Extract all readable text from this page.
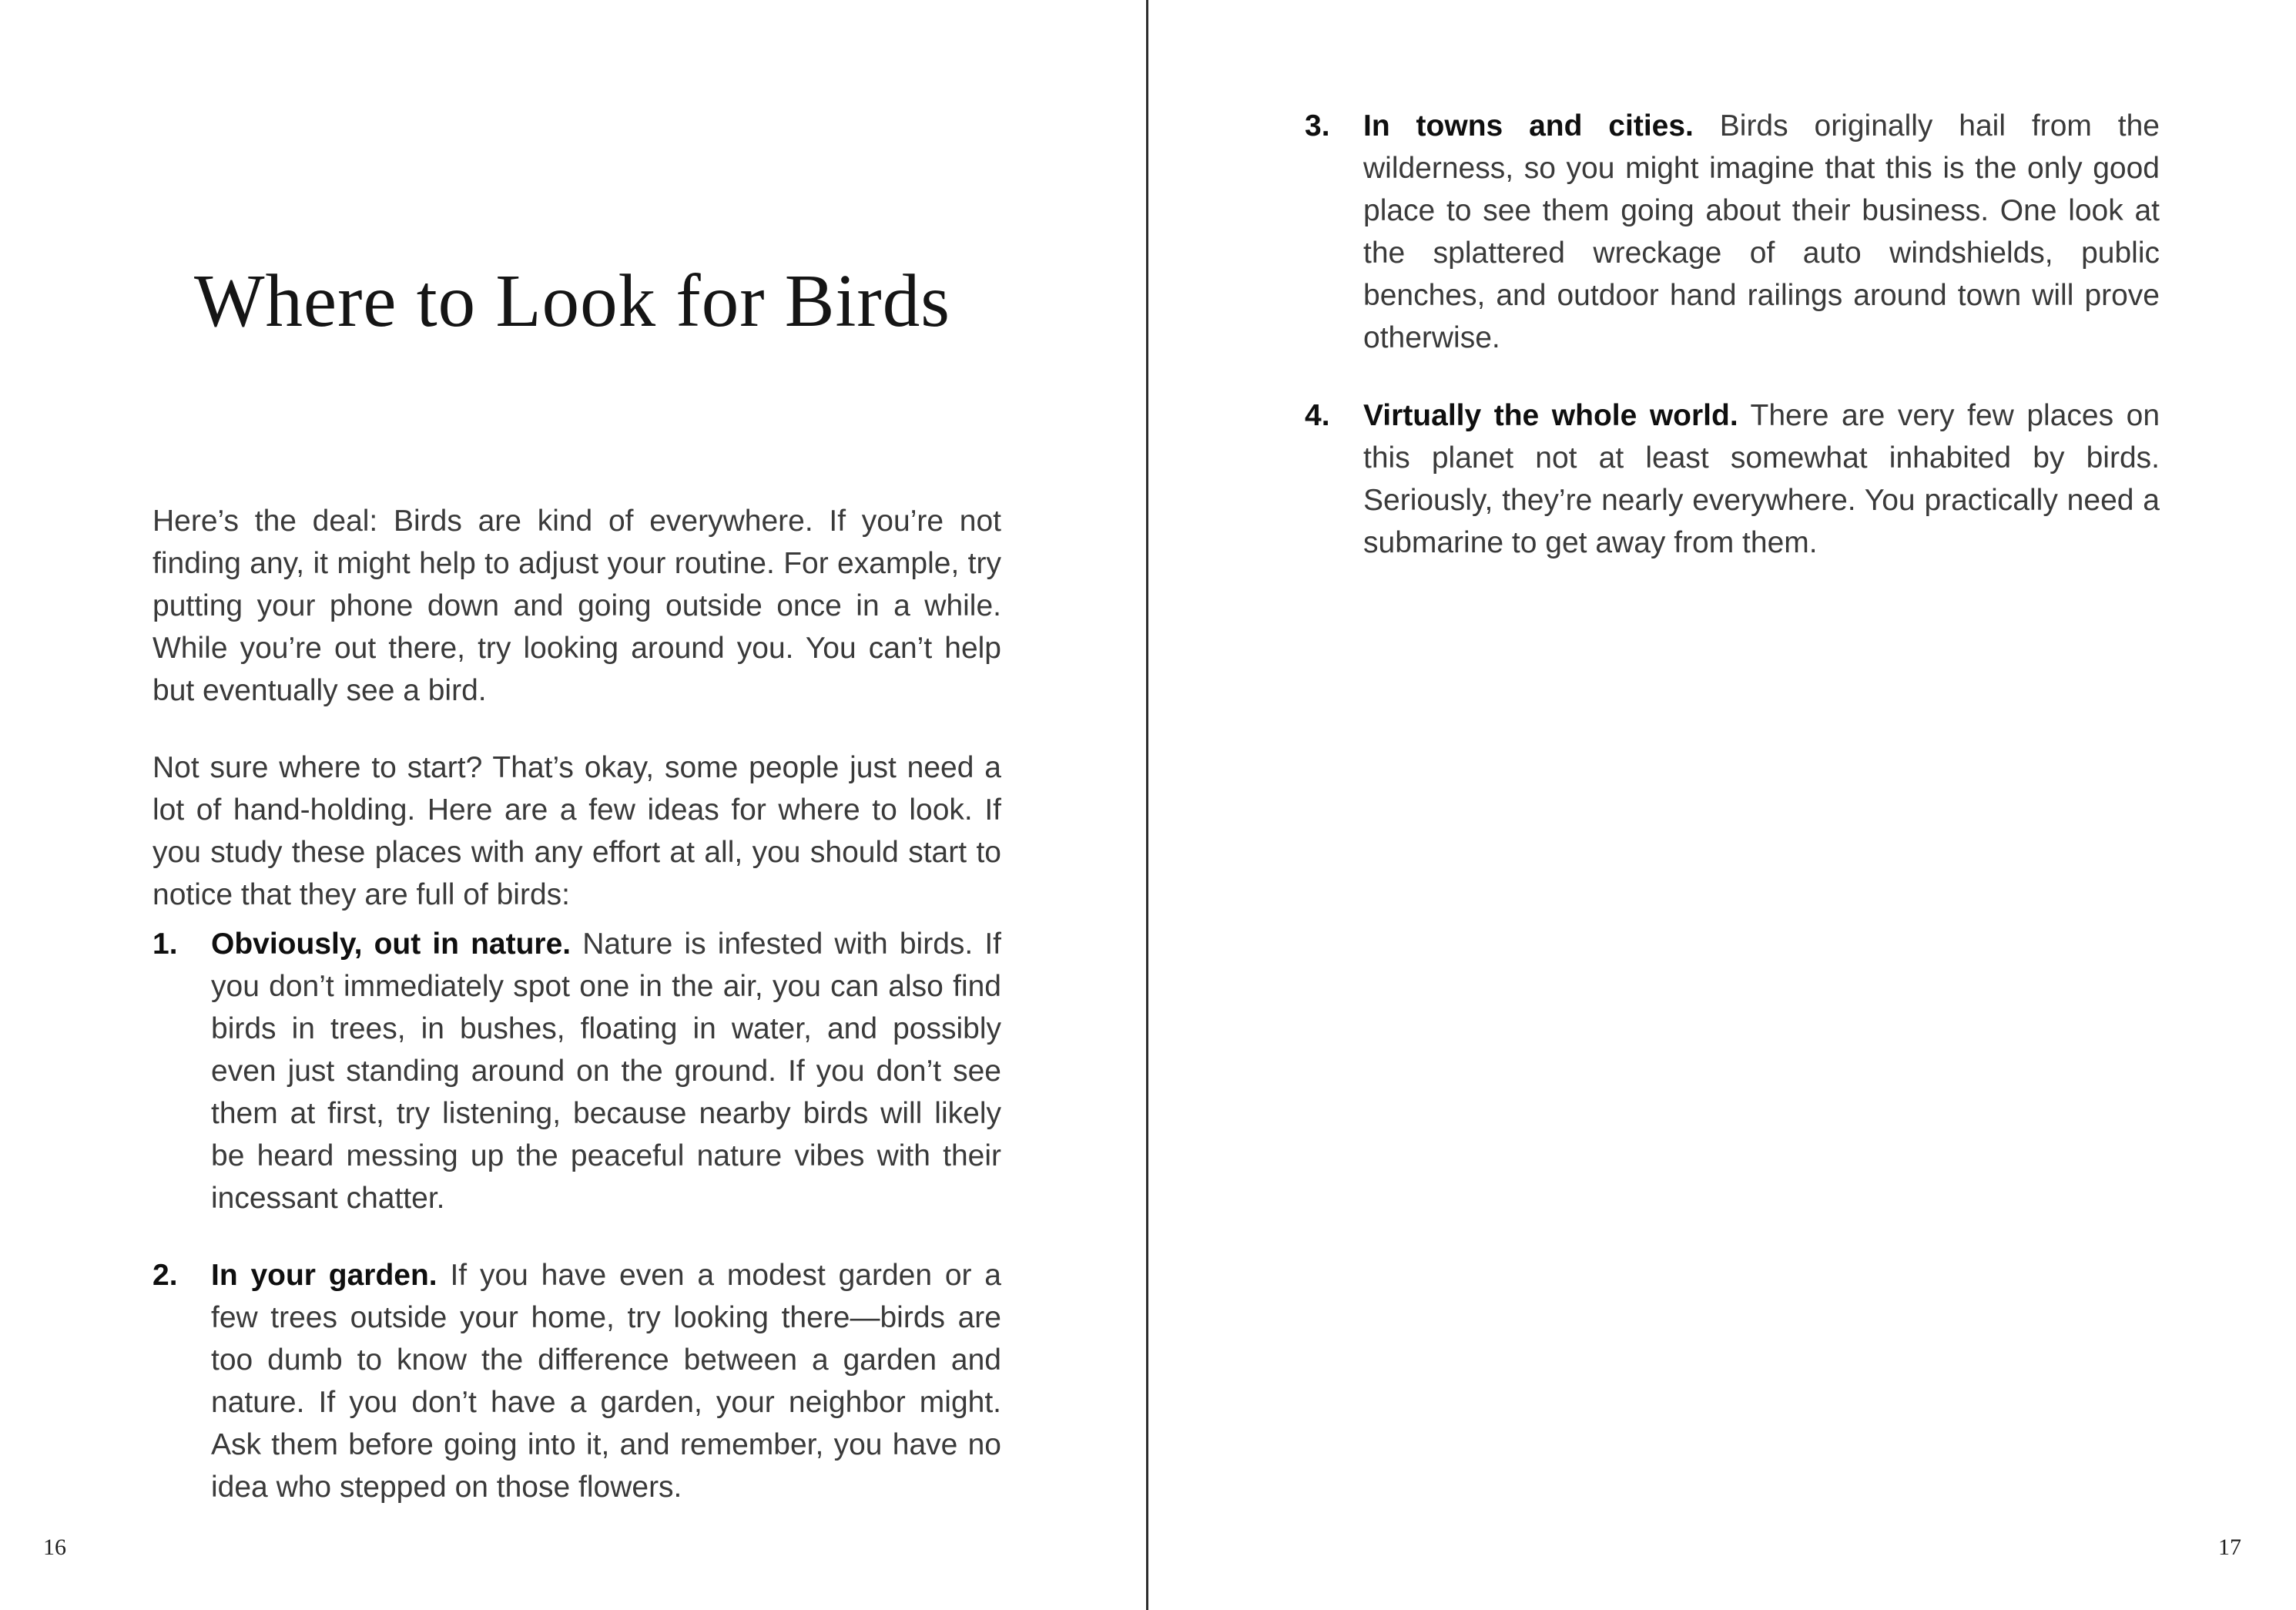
Where to Look for Birds

Here’s the deal: Birds are kind of everywhere. If you’re not finding any, it might help to adjust your routine. For example, try putting your phone down and going outside once in a while. While you’re out there, try looking around you. You can’t help but eventually see a bird.

Not sure where to start? That’s okay, some people just need a lot of hand-holding. Here are a few ideas for where to look. If you study these places with any effort at all, you should start to notice that they are full of birds:

1.	Obviously, out in nature. Nature is infested with birds. If you don’t immediately spot one in the air, you can also find birds in trees, in bushes, floating in water, and possibly even just standing around on the ground. If you don’t see them at first, try listening, because nearby birds will likely be heard messing up the peaceful nature vibes with their incessant chatter.
2.	In your garden. If you have even a modest garden or a few trees outside your home, try looking there—birds are too dumb to know the difference between a garden and nature. If you don’t have a garden, your neighbor might. Ask them before going into it, and remember, you have no idea who stepped on those flowers.
16
3.	In towns and cities. Birds originally hail from the wilderness, so you might imagine that this is the only good place to see them going about their business. One look at the splattered wreckage of auto windshields, public benches, and outdoor hand railings around town will prove otherwise.
4.	Virtually the whole world. There are very few places on this planet not at least somewhat inhabited by birds. Seriously, they’re nearly everywhere. You practically need a submarine to get away from them.
17
